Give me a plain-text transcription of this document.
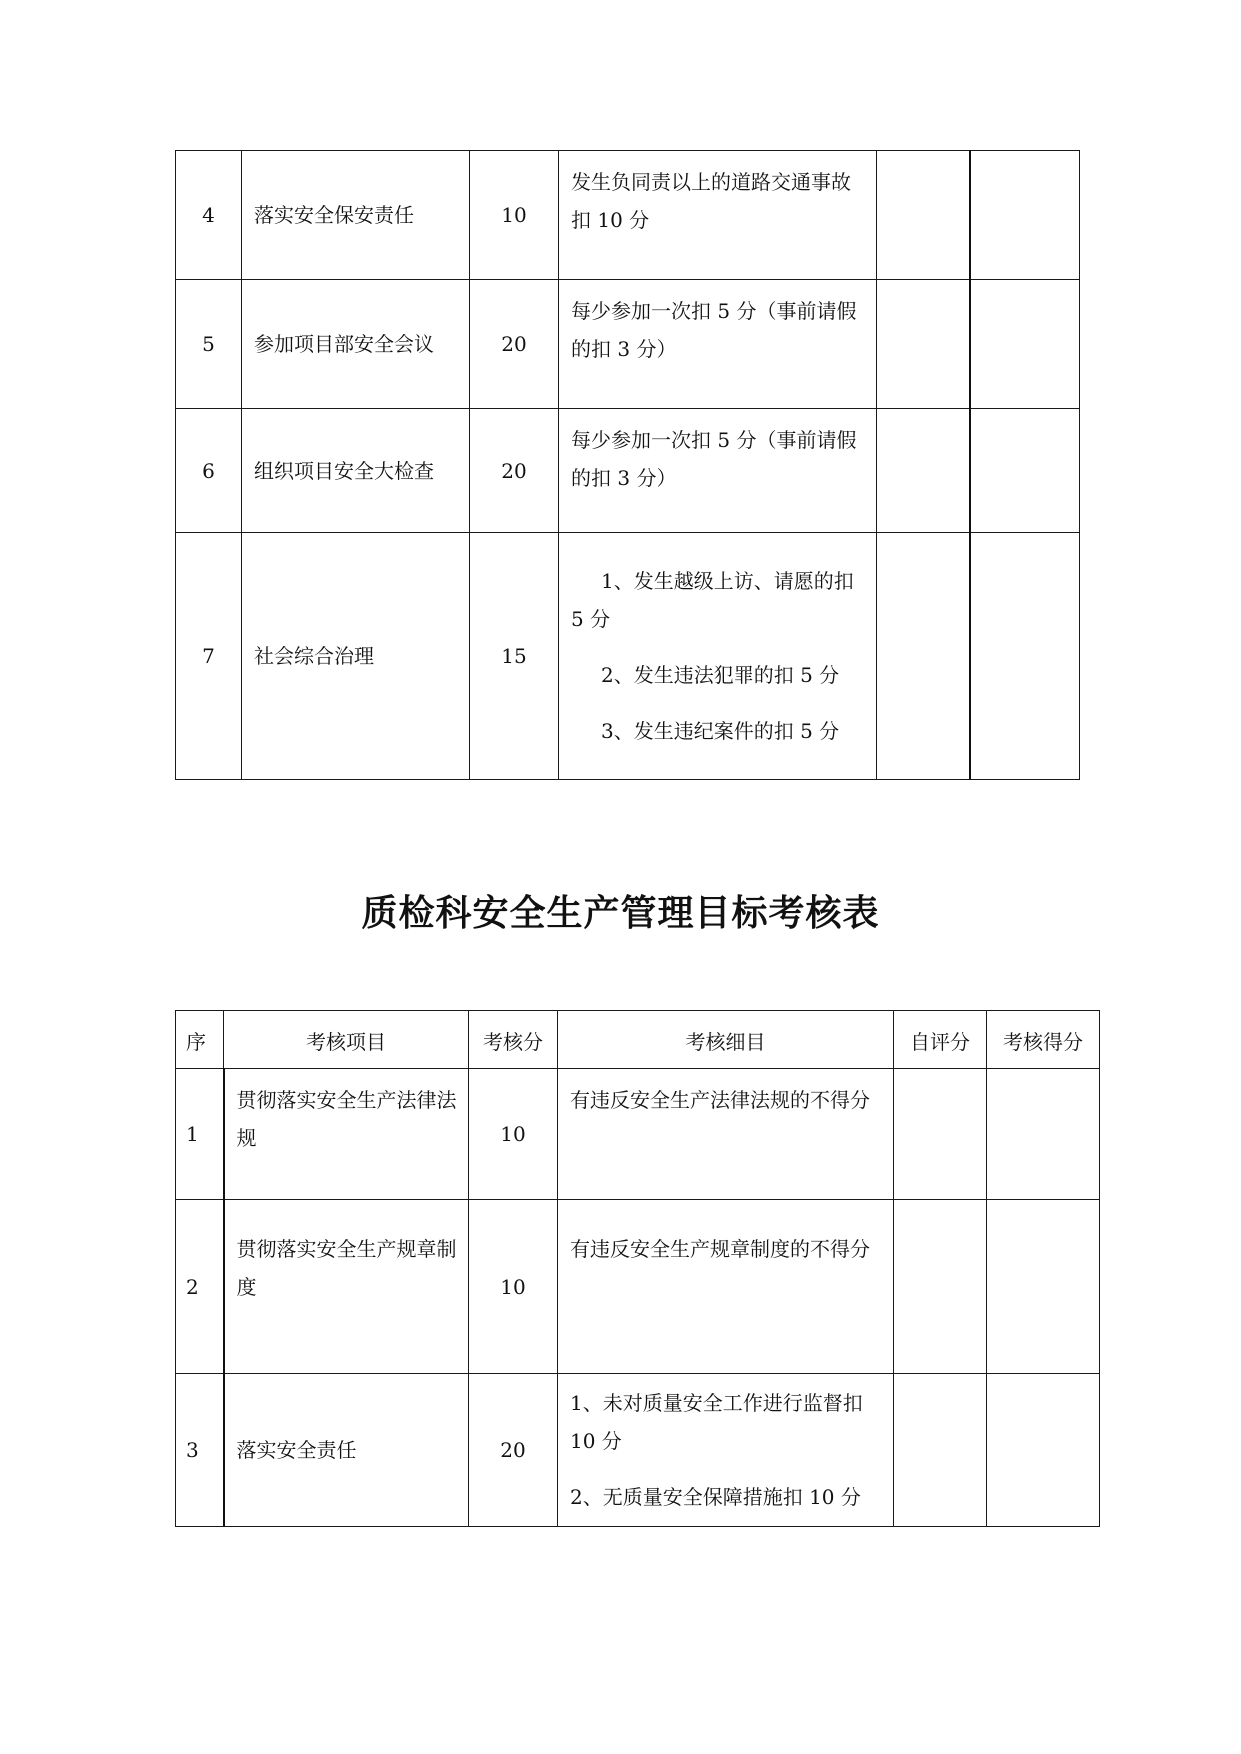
4	落实安全保安责任	10	发生负同责以上的道路交通事故扣 10 分		

5	参加项目部安全会议	20	每少参加一次扣 5 分（事前请假的扣 3 分）		

6	组织项目安全大检查	20	每少参加一次扣 5 分（事前请假的扣 3 分）		

7	社会综合治理	15	1、发生越级上访、请愿的扣 5 分
2、发生违法犯罪的扣 5 分
3、发生违纪案件的扣 5 分		

质检科安全生产管理目标考核表
序	考核项目	考核分	考核细目	自评分	考核得分
1	贯彻落实安全生产法律法规	10	有违反安全生产法律法规的不得分		

2	贯彻落实安全生产规章制度	10	有违反安全生产规章制度的不得分		

3	落实安全责任	20	1、未对质量安全工作进行监督扣 10 分
2、无质量安全保障措施扣 10 分		
